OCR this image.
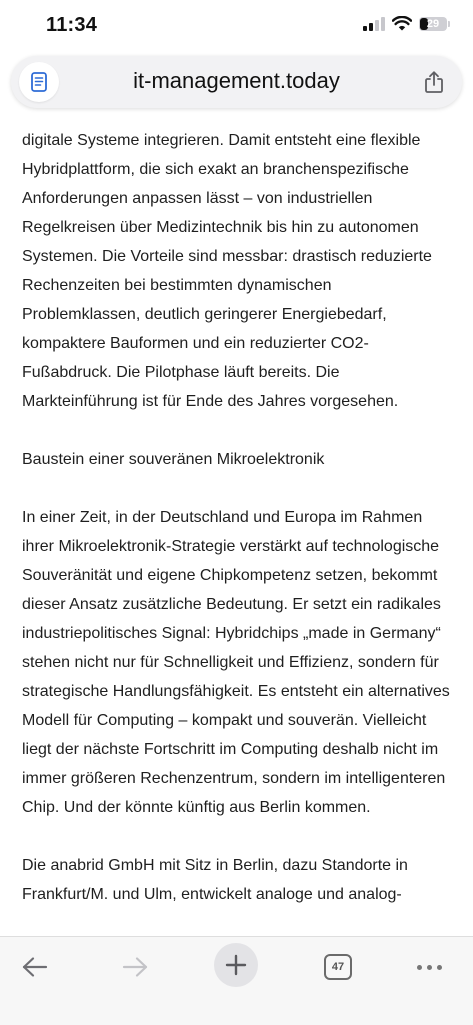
11:34	29
it-management.today

digitale Systeme integrieren. Damit entsteht eine flexible Hybridplattform, die sich exakt an branchenspezifische Anforderungen anpassen lässt – von industriellen Regelkreisen über Medizintechnik bis hin zu autonomen Systemen. Die Vorteile sind messbar: drastisch reduzierte Rechenzeiten bei bestimmten dynamischen Problemklassen, deutlich geringerer Energiebedarf, kompaktere Bauformen und ein reduzierter CO2-Fußabdruck. Die Pilotphase läuft bereits. Die Markteinführung ist für Ende des Jahres vorgesehen.

Baustein einer souveränen Mikroelektronik

In einer Zeit, in der Deutschland und Europa im Rahmen ihrer Mikroelektronik-Strategie verstärkt auf technologische Souveränität und eigene Chipkompetenz setzen, bekommt dieser Ansatz zusätzliche Bedeutung. Er setzt ein radikales industriepolitisches Signal: Hybridchips „made in Germany“ stehen nicht nur für Schnelligkeit und Effizienz, sondern für strategische Handlungsfähigkeit. Es entsteht ein alternatives Modell für Computing – kompakt und souverän. Vielleicht liegt der nächste Fortschritt im Computing deshalb nicht im immer größeren Rechenzentrum, sondern im intelligenteren Chip. Und der könnte künftig aus Berlin kommen.

Die anabrid GmbH mit Sitz in Berlin, dazu Standorte in Frankfurt/M. und Ulm, entwickelt analoge und analog-

47
